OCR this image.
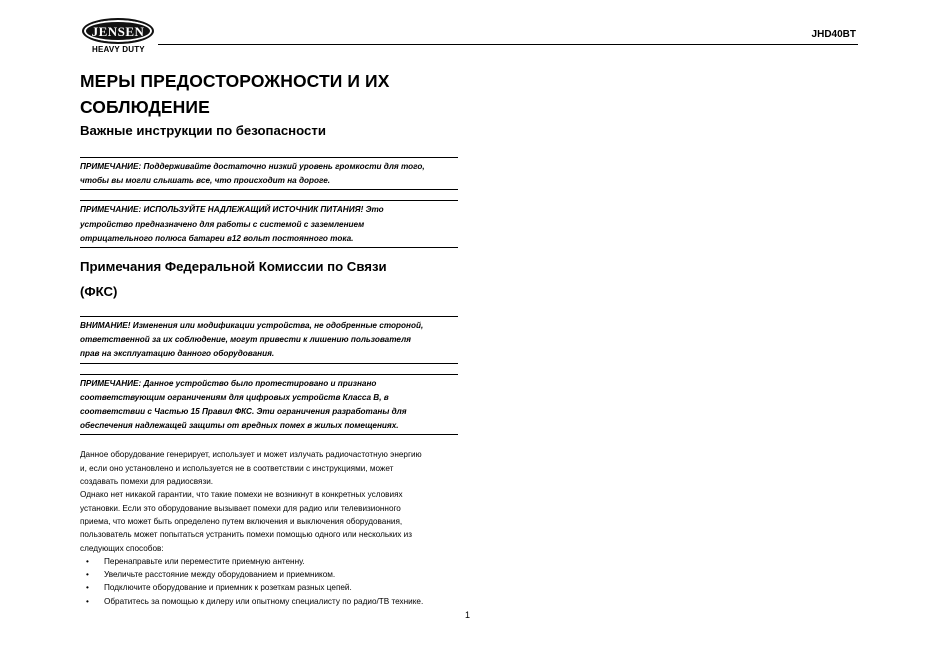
JENSEN
HEAVY DUTY
JHD40BT
МЕРЫ ПРЕДОСТОРОЖНОСТИ И ИХ СОБЛЮДЕНИЕ
Важные инструкции по безопасности

ПРИМЕЧАНИЕ: Поддерживайте достаточно низкий уровень громкости для того,

чтобы вы могли слышать все, что происходит на дороге.

ПРИМЕЧАНИЕ: ИСПОЛЬЗУЙТЕ НАДЛЕЖАЩИЙ ИСТОЧНИК ПИТАНИЯ! Это

устройство предназначено для работы с системой с заземлением

отрицательного полюса батареи в12 вольт постоянного тока.

Примечания Федеральной Комиссии по Связи
(ФКС)

ВНИМАНИЕ! Изменения или модификации устройства, не одобренные стороной,

ответственной за их соблюдение, могут привести к лишению пользователя

прав на эксплуатацию данного оборудования.

ПРИМЕЧАНИЕ: Данное устройство было протестировано и признано

соответствующим ограничениям для цифровых устройств Класса B, в

соответствии с Частью 15 Правил ФКС. Эти ограничения разработаны для

обеспечения надлежащей защиты от вредных помех в жилых помещениях.

Данное оборудование генерирует, использует и может излучать радиочастотную энергию

и, если оно установлено и используется не в соответствии с инструкциями, может

создавать помехи для радиосвязи.

Однако нет никакой гарантии, что такие помехи не возникнут в конкретных условиях

установки. Если это оборудование вызывает помехи для радио или телевизионного

приема, что может быть определено путем включения и выключения оборудования,

пользователь может попытаться устранить помехи помощью одного или нескольких из

следующих способов:

• Перенаправьте или переместите приемную антенну.
• Увеличьте расстояние между оборудованием и приемником.
• Подключите оборудование и приемник к розеткам разных цепей.
• Обратитесь за помощью к дилеру или опытному специалисту по радио/ТВ технике.
1
